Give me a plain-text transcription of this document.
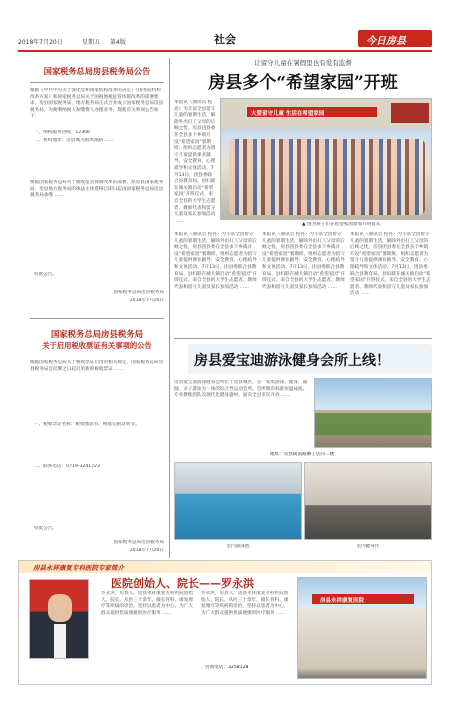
2018年7月20日	星期五 第4版	社会	今日房县
国家税务总局房县税务局公告

根据《中共中央关于深化党和国家机构改革的决定》《国务院机构改革方案》和国家税务总局关于国税地税征管体制改革的部署要求，房县国家税务局、地方税务局正式合并成立国家税务总局房县税务局。为便利纳税人和缴费人办理业务，现就有关事项公告如下：

一、纳税服务热线：12366

二、机构地址：房县城关镇凤凰路 ……

根据国家税务总局关于税收征管体制改革的部署，原房县国家税务局、房县地方税务局的执法主体资格自即日起由国家税务总局房县税务局承继 ……

特此公告。

国家税务总局房县税务局

2018年7月20日

国家税务总局房县税务局
关于启用税收票证有关事项的公告

根据国家税务总局关于税收票证启用的相关规定，国家税务总局房县税务局自挂牌之日起启用新的税收票证 ……

一、税收票证名称：税收缴款书、税收完税证明等。

二、联系电话：0719-3241723

特此公告。

国家税务总局房县税务局

2018年7月20日

让留守儿童在暑假里也有爱有监督
房县多个“希望家园”开班

本报讯（通讯员 程亮）为丰富全县留守儿童的暑期生活，解除外出打工父母的后顾之忧，房县团县委在全县多个乡镇开设“希望家园”暑期班，组织志愿者为留守儿童提供课业辅导、安全教育、心理疏导和文体活动。7月13日，团县委联合县教育局、县妇联在城关镇启动“希望家园”开班仪式，来自全县的大学生志愿者、教师代表和留守儿童及家长参加活动 ……

本报讯（通讯员 程亮）为丰富全县留守儿童的暑期生活，解除外出打工父母的后顾之忧，房县团县委在全县多个乡镇开设“希望家园”暑期班，组织志愿者为留守儿童提供课业辅导、安全教育、心理疏导和文体活动。7月13日，团县委联合县教育局、县妇联在城关镇启动“希望家园”开班仪式，来自全县的大学生志愿者、教师代表和留守儿童及家长参加活动 ……

大爱留守儿童 生活在希望家园

▲ 图为孩子们在希望家园参加开班仪式

本报讯（通讯员 程亮）为丰富全县留守儿童的暑期生活，解除外出打工父母的后顾之忧，房县团县委在全县多个乡镇开设“希望家园”暑期班，组织志愿者为留守儿童提供课业辅导、安全教育、心理疏导和文体活动。7月13日，团县委联合县教育局、县妇联在城关镇启动“希望家园”开班仪式，来自全县的大学生志愿者、教师代表和留守儿童及家长参加活动 ……

本报讯（通讯员 程亮）为丰富全县留守儿童的暑期生活，解除外出打工父母的后顾之忧，房县团县委在全县多个乡镇开设“希望家园”暑期班，组织志愿者为留守儿童提供课业辅导、安全教育、心理疏导和文体活动。7月13日，团县委联合县教育局、县妇联在城关镇启动“希望家园”开班仪式，来自全县的大学生志愿者、教师代表和留守儿童及家长参加活动 ……

房县爱宝迪游泳健身会所上线！

房县爱宝迪游泳健身会所位于房县城区，是一家集游泳、健身、瑜伽、亲子游泳为一体的综合性运动会所。会所拥有标准恒温泳池、专业教练团队及现代化健身器材，面向全县市民开放 ……

地址：房县陵南路狮子店向二楼

室内游泳池	室内健身区

房县永祥康复专科医院专家简介
医院创始人、院长——罗永洪

罗永洪，房县人，房县永祥康复专科医院创始人、院长。从医三十余年，擅长骨科、康复理疗等疾病的诊治，坚持以患者为中心，为广大群众提供优质便捷的医疗服务 ……

罗永洪，房县人，房县永祥康复专科医院创始人、院长。从医三十余年，擅长骨科、康复理疗等疾病的诊治，坚持以患者为中心，为广大群众提供优质便捷的医疗服务 ……

咨询电话：3258128

房县永祥康复医院
